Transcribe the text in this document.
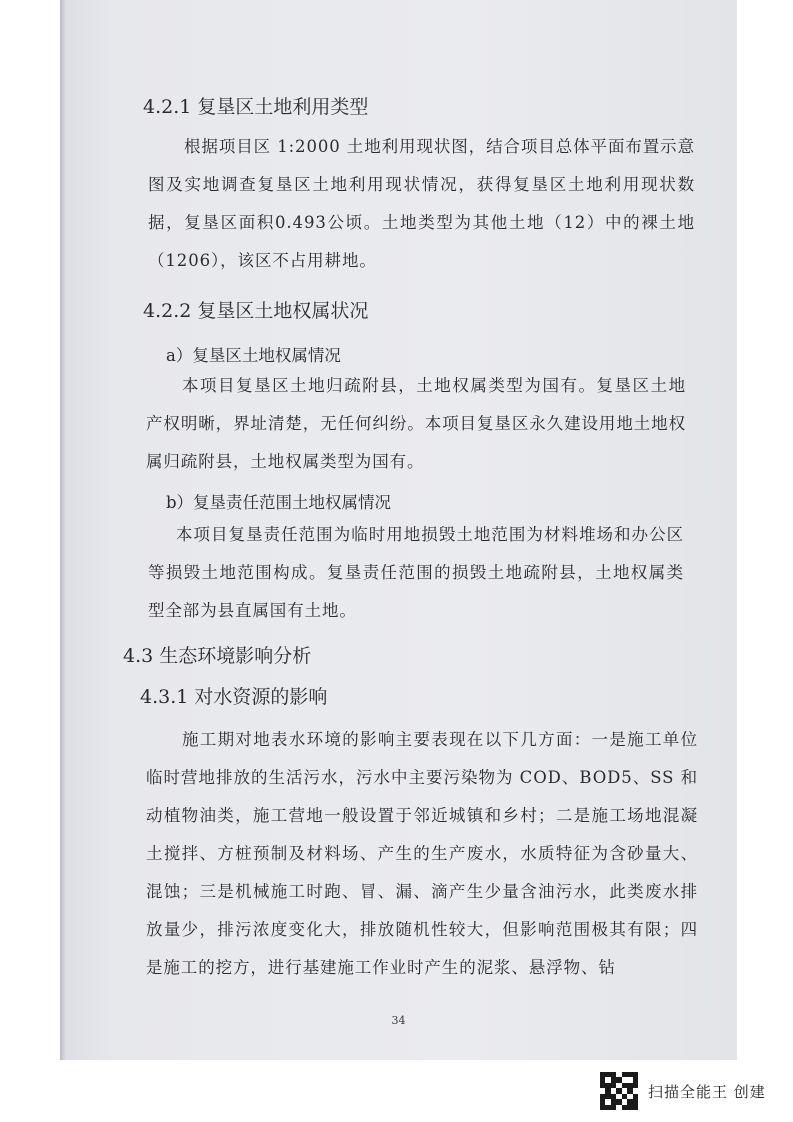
4.2.1 复垦区土地利用类型
根据项目区 1:2000 土地利用现状图，结合项目总体平面布置示意图及实地调查复垦区土地利用现状情况，获得复垦区土地利用现状数据，复垦区面积0.493公顷。土地类型为其他土地（12）中的裸土地（1206），该区不占用耕地。
4.2.2 复垦区土地权属状况
a）复垦区土地权属情况
本项目复垦区土地归疏附县，土地权属类型为国有。复垦区土地产权明晰，界址清楚，无任何纠纷。本项目复垦区永久建设用地土地权属归疏附县，土地权属类型为国有。
b）复垦责任范围土地权属情况
本项目复垦责任范围为临时用地损毁土地范围为材料堆场和办公区等损毁土地范围构成。复垦责任范围的损毁土地疏附县，土地权属类型全部为县直属国有土地。
4.3 生态环境影响分析
4.3.1 对水资源的影响
施工期对地表水环境的影响主要表现在以下几方面：一是施工单位临时营地排放的生活污水，污水中主要污染物为 COD、BOD5、SS 和动植物油类，施工营地一般设置于邻近城镇和乡村；二是施工场地混凝土搅拌、方桩预制及材料场、产生的生产废水，水质特征为含砂量大、混蚀；三是机械施工时跑、冒、漏、滴产生少量含油污水，此类废水排放量少，排污浓度变化大，排放随机性较大，但影响范围极其有限；四是施工的挖方，进行基建施工作业时产生的泥浆、悬浮物、钻
34
扫描全能王 创建
